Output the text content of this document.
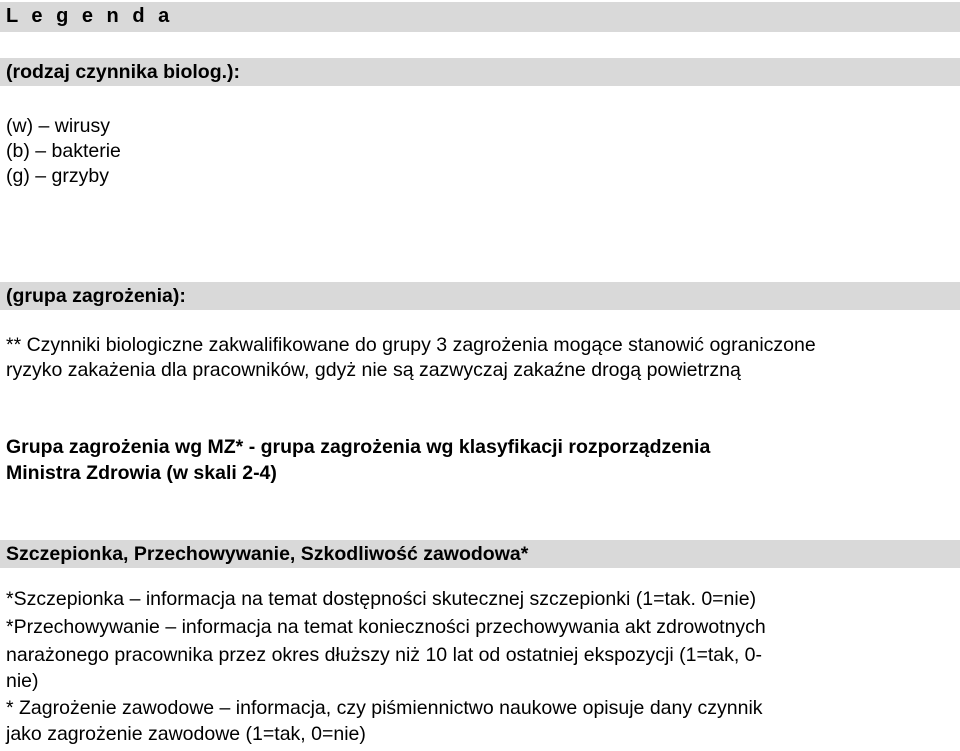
L e g e n d a
(rodzaj czynnika biolog.):
(w) – wirusy
(b) – bakterie
(g) – grzyby
(grupa zagrożenia):
** Czynniki biologiczne zakwalifikowane do grupy 3 zagrożenia mogące stanowić ograniczone
ryzyko zakażenia dla pracowników, gdyż nie są zazwyczaj zakaźne drogą powietrzną
Grupa zagrożenia wg MZ* - grupa zagrożenia wg klasyfikacji rozporządzenia
Ministra Zdrowia (w skali 2-4)
Szczepionka, Przechowywanie, Szkodliwość zawodowa*
*Szczepionka – informacja na temat dostępności skutecznej szczepionki (1=tak. 0=nie)
*Przechowywanie – informacja na temat konieczności przechowywania akt zdrowotnych
narażonego pracownika przez okres dłuższy niż 10 lat od ostatniej ekspozycji (1=tak, 0-
nie)
* Zagrożenie zawodowe – informacja, czy piśmiennictwo naukowe opisuje dany czynnik
jako zagrożenie zawodowe (1=tak, 0=nie)
